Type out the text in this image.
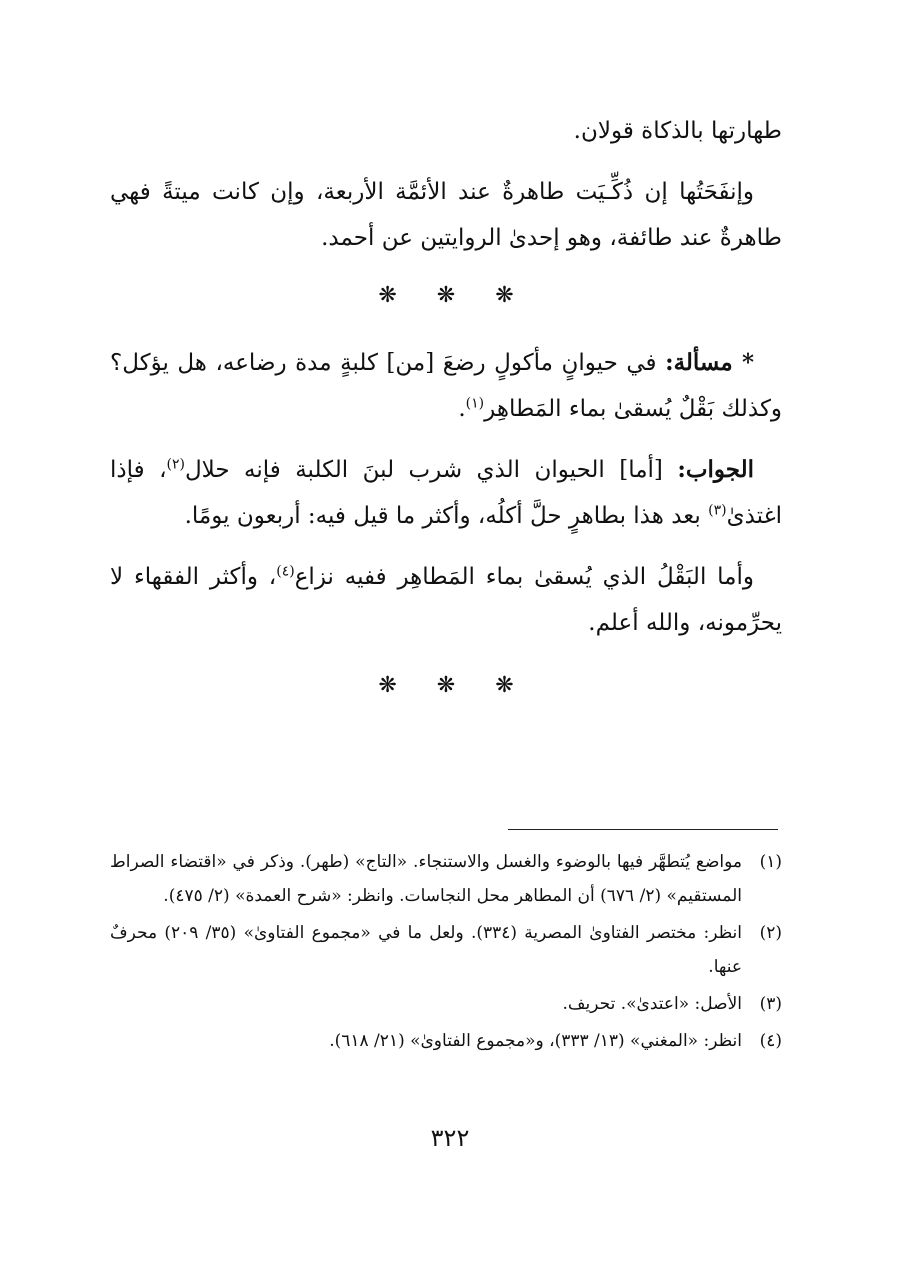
طهارتها بالذكاة قولان.

وإنفَحَتُها إن ذُكِّـيَت طاهرةٌ عند الأئمَّة الأربعة، وإن كانت ميتةً فهي طاهرةٌ عند طائفة، وهو إحدىٰ الروايتين عن أحمد.

❋❋❋

* مسألة: في حيوانٍ مأكولٍ رضعَ [من] كلبةٍ مدة رضاعه، هل يؤكل؟ وكذلك بَقْلٌ يُسقىٰ بماء المَطاهِر$^{(١)}$.

الجواب: [أما] الحيوان الذي شرب لبنَ الكلبة فإنه حلال$^{(٢)}$، فإذا اغتذىٰ$^{(٣)}$ بعد هذا بطاهرٍ حلَّ أكلُه، وأكثر ما قيل فيه: أربعون يومًا.

وأما البَقْلُ الذي يُسقىٰ بماء المَطاهِر ففيه نزاع$^{(٤)}$، وأكثر الفقهاء لا يحرِّمونه، والله أعلم.

❋❋❋
(١)
مواضع يُتطهَّر فيها بالوضوء والغسل والاستنجاء. «التاج» (طهر). وذكر في «اقتضاء الصراط المستقيم» (٢/ ٦٧٦) أن المطاهر محل النجاسات. وانظر: «شرح العمدة» (٢/ ٤٧٥).
(٢)
انظر: مختصر الفتاوىٰ المصرية (٣٣٤). ولعل ما في «مجموع الفتاوىٰ» (٣٥/ ٢٠٩) محرفٌ عنها.
(٣)
الأصل: «اعتدىٰ». تحريف.
(٤)
انظر: «المغني» (١٣/ ٣٣٣)، و«مجموع الفتاوىٰ» (٢١/ ٦١٨).
٣٢٢
